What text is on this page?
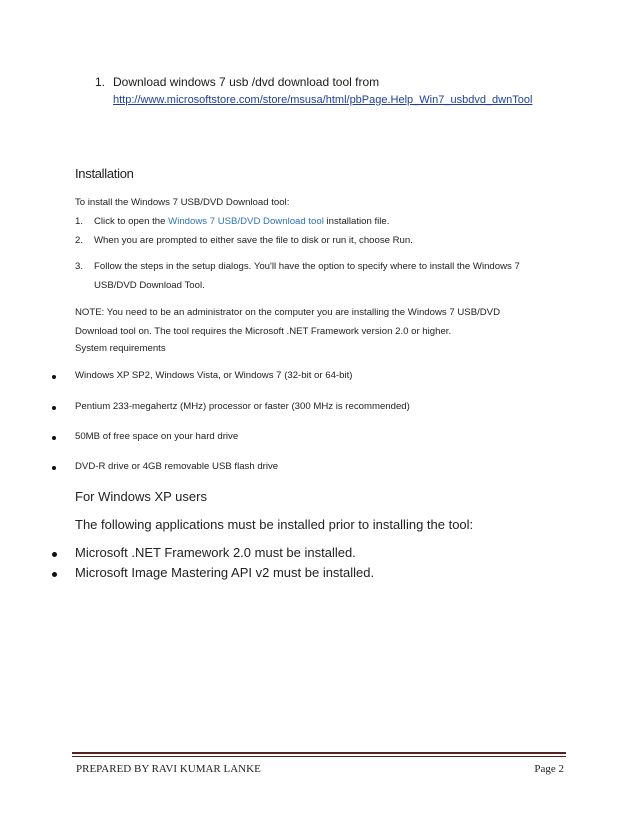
1. Download windows 7 usb /dvd download tool from
http://www.microsoftstore.com/store/msusa/html/pbPage.Help_Win7_usbdvd_dwnTool
Installation
To install the Windows 7 USB/DVD Download tool:
1. Click to open the Windows 7 USB/DVD Download tool installation file.
2. When you are prompted to either save the file to disk or run it, choose Run.
3. Follow the steps in the setup dialogs. You'll have the option to specify where to install the Windows 7
USB/DVD Download Tool.
NOTE: You need to be an administrator on the computer you are installing the Windows 7 USB/DVD
Download tool on. The tool requires the Microsoft .NET Framework version 2.0 or higher.
System requirements
Windows XP SP2, Windows Vista, or Windows 7 (32-bit or 64-bit)
Pentium 233-megahertz (MHz) processor or faster (300 MHz is recommended)
50MB of free space on your hard drive
DVD-R drive or 4GB removable USB flash drive
For Windows XP users
The following applications must be installed prior to installing the tool:
Microsoft .NET Framework 2.0 must be installed.
Microsoft Image Mastering API v2 must be installed.
PREPARED BY RAVI KUMAR LANKE	Page 2
